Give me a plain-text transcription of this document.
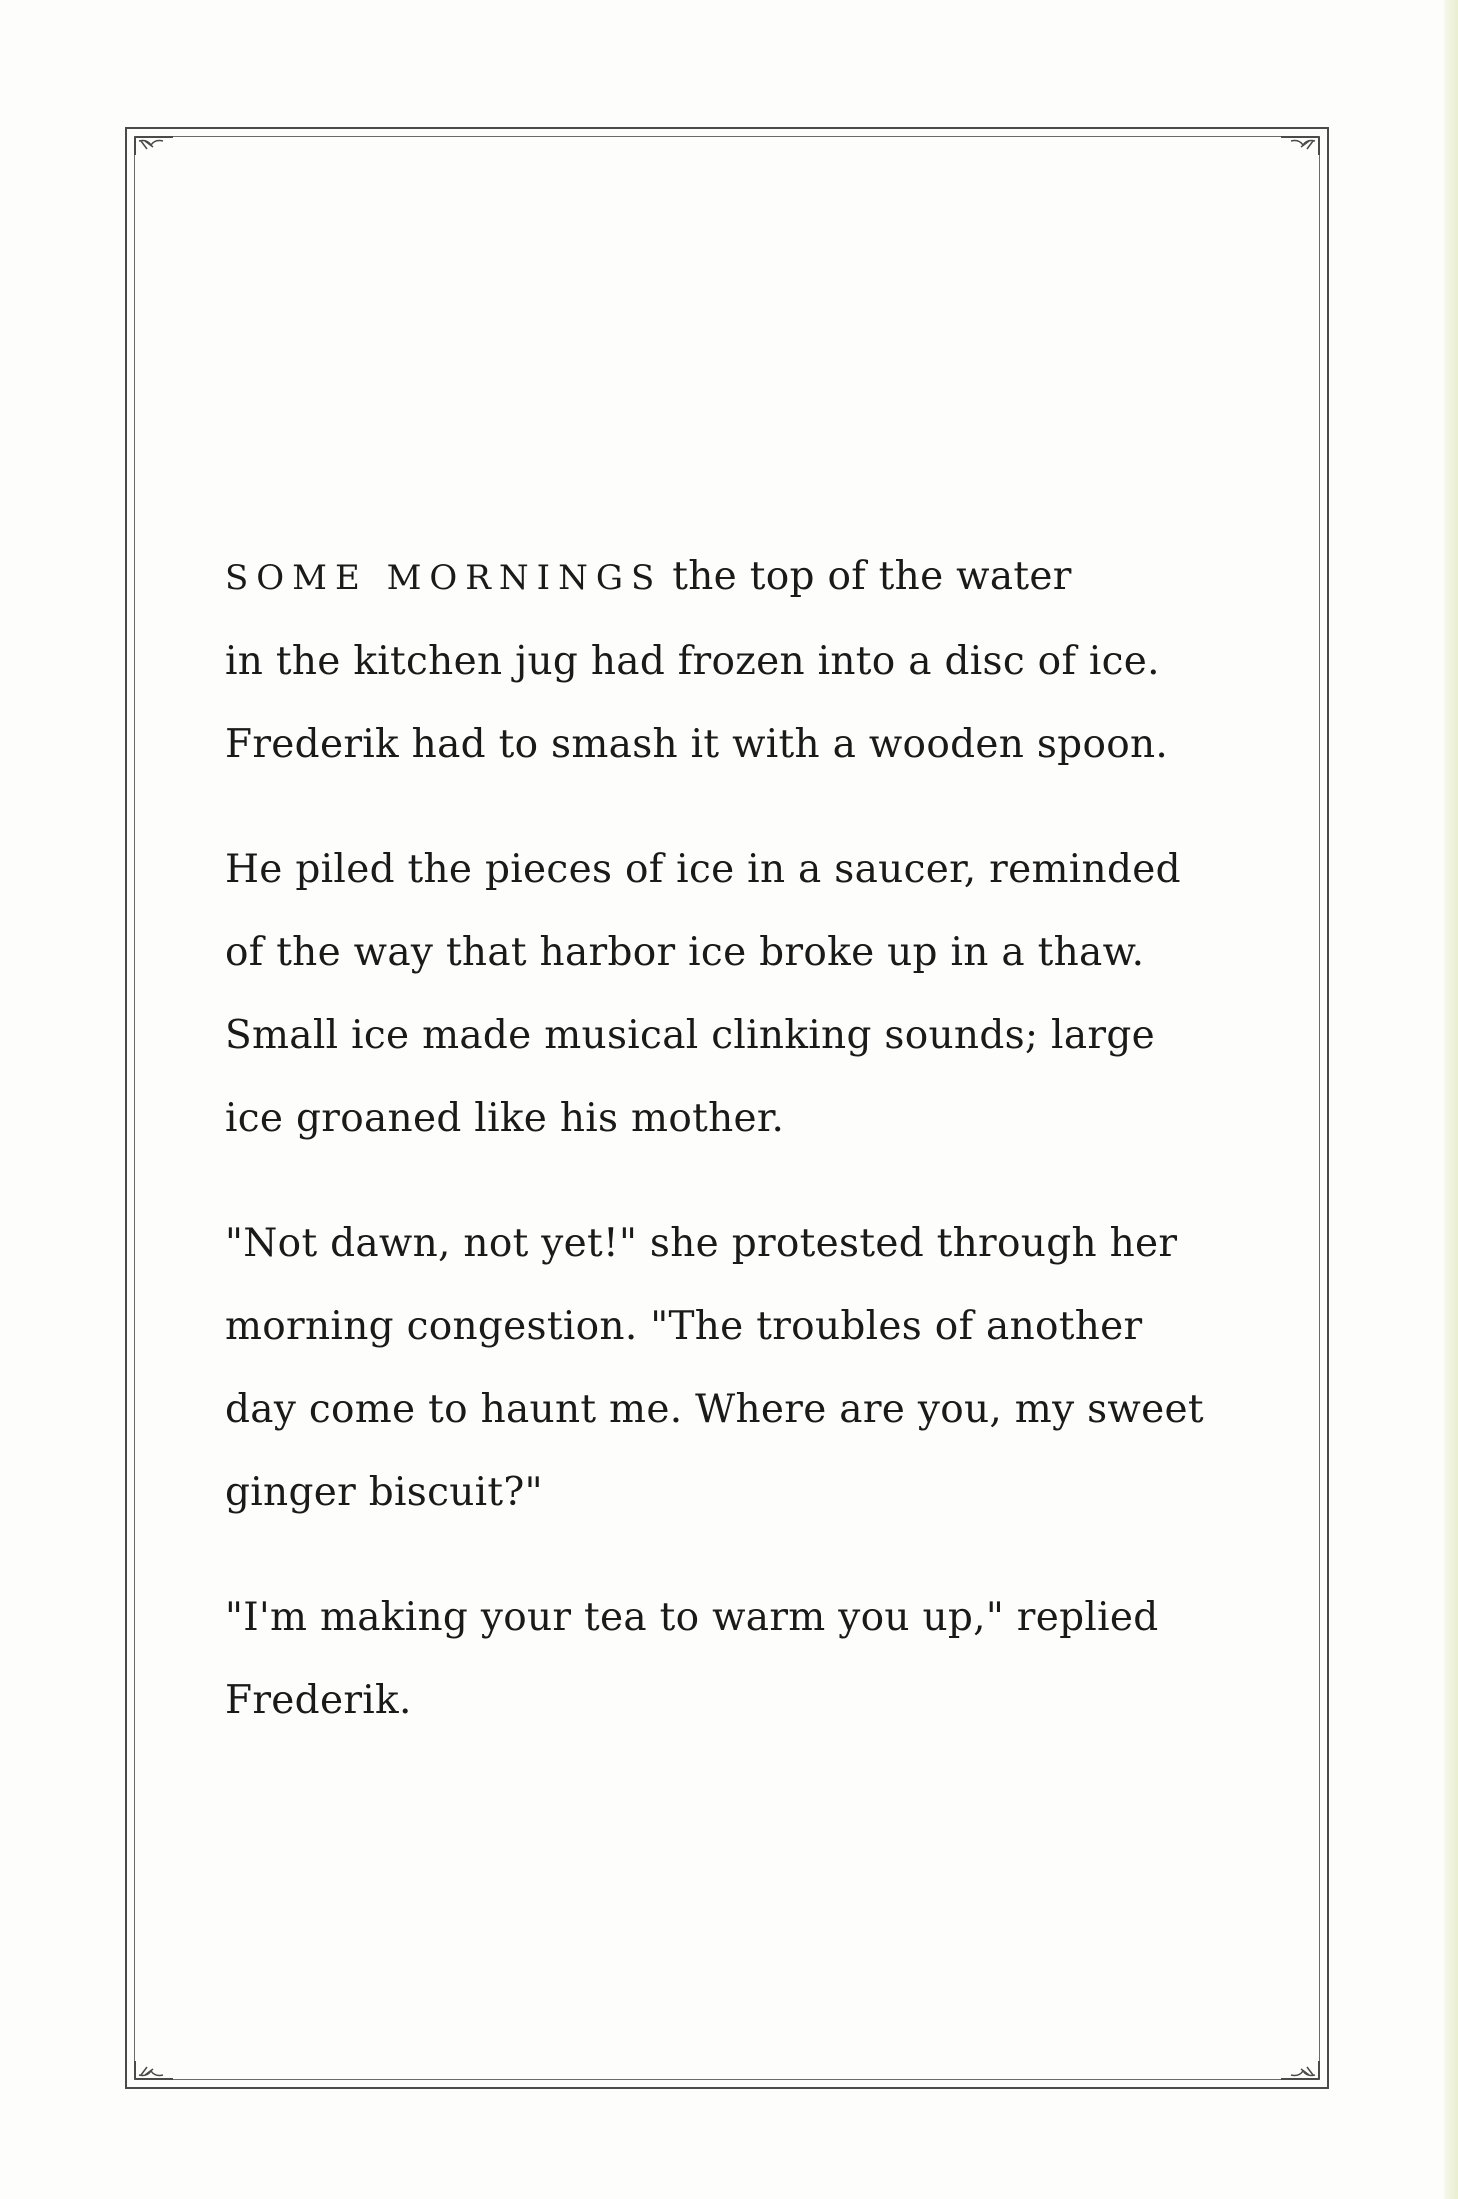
SOME MORNINGS the top of the water
in the kitchen jug had frozen into a disc of ice.
Frederik had to smash it with a wooden spoon.

He piled the pieces of ice in a saucer, reminded
of the way that harbor ice broke up in a thaw.
Small ice made musical clinking sounds; large
ice groaned like his mother.

"Not dawn, not yet!" she protested through her
morning congestion. "The troubles of another
day come to haunt me. Where are you, my sweet
ginger biscuit?"

"I'm making your tea to warm you up," replied
Frederik.
